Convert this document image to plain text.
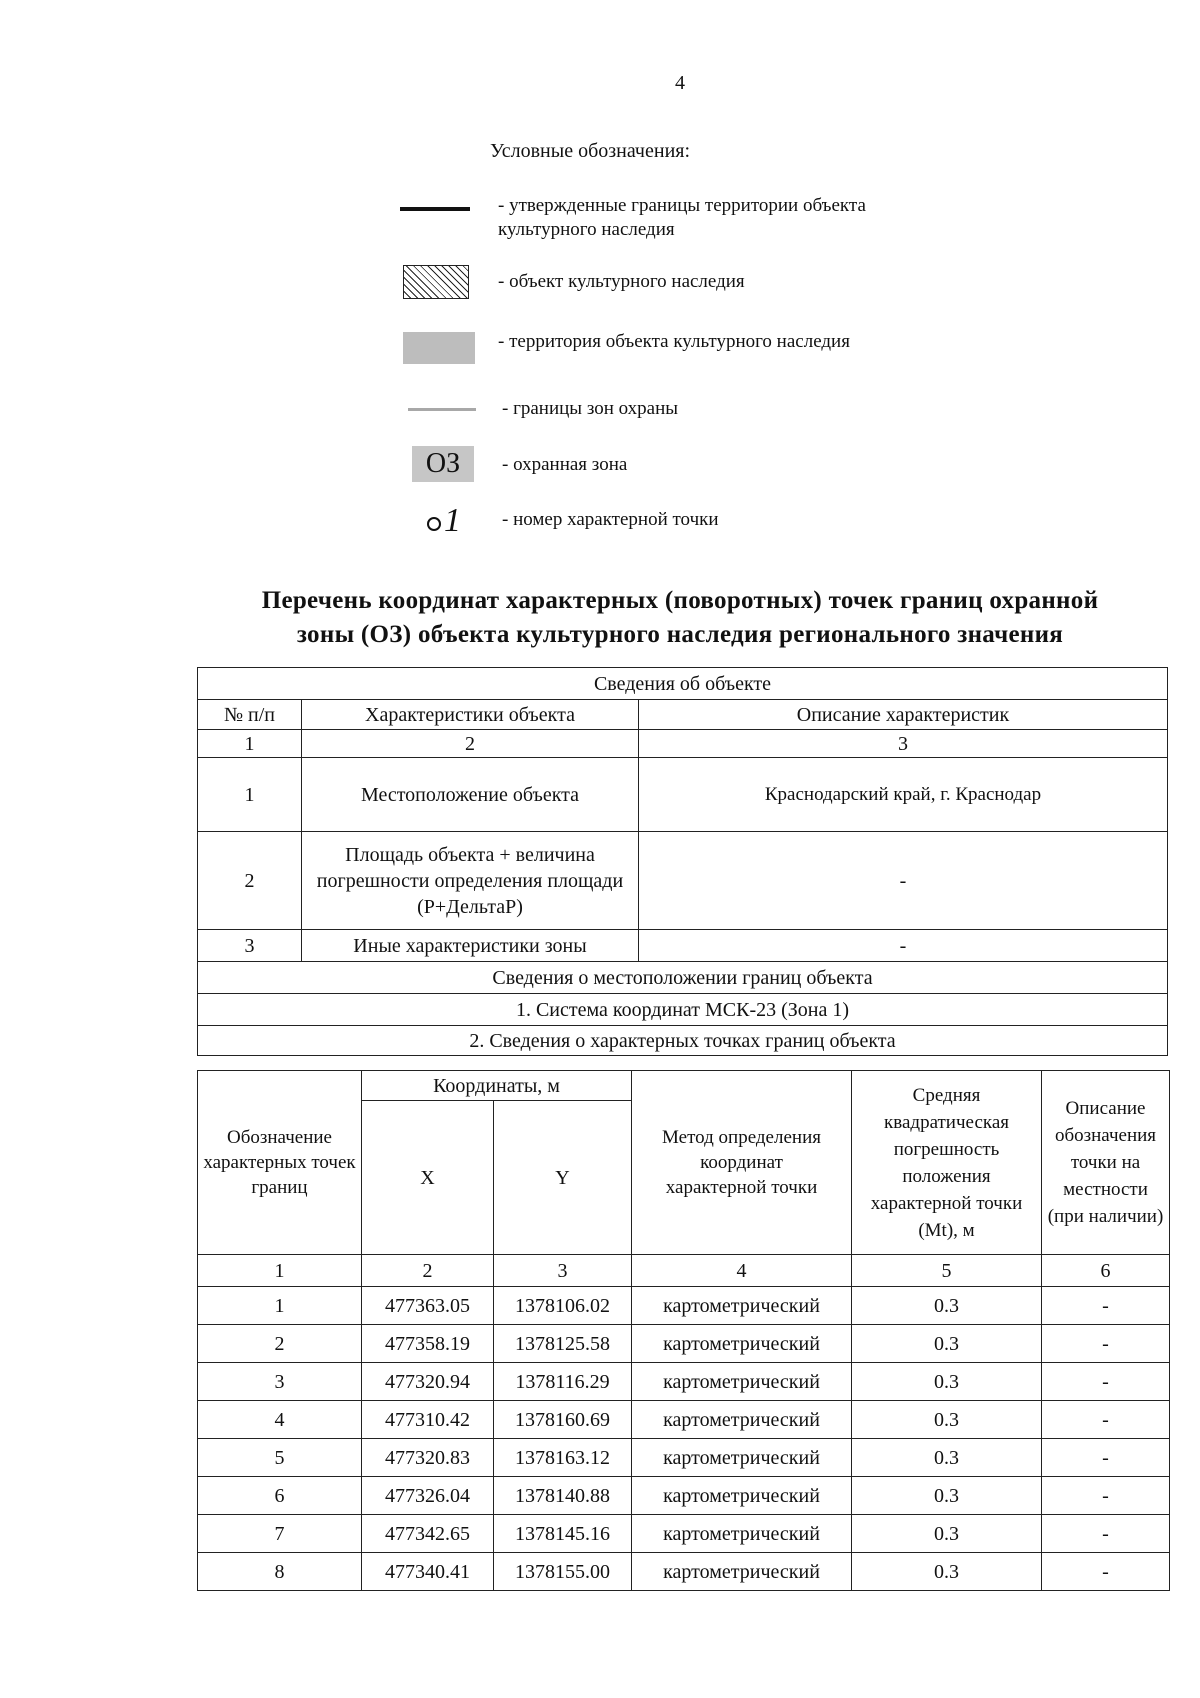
4
Условные обозначения:
- утвержденные границы территории объекта культурного наследия
- объект культурного наследия
- территория объекта культурного наследия
- границы зон охраны
ОЗ	- охранная зона
1 - номер характерной точки
Перечень координат характерных (поворотных) точек границ охранной
зоны (ОЗ) объекта культурного наследия регионального значения
Сведения об объекте		
№ п/п	Характеристики объекта	Описание характеристик
1	2	3
1	Местоположение объекта	Краснодарский край, г. Краснодар
2	Площадь объекта + величина погрешности определения площади (P+ДельтаP)	-
3	Иные характеристики зоны	-
Сведения о местоположении границ объекта		
1. Система координат МСК-23 (Зона 1)		
2. Сведения о характерных точках границ объекта		
Обозначение характерных точек границ	Координаты, м		Метод определения координат характерной точки	Средняя квадратическая погрешность положения характерной точки (Mt), м	Описание обозначения точки на местности (при наличии)
	X	Y			
1	2	3	4	5	6
1	477363.05	1378106.02	картометрический	0.3	-
2	477358.19	1378125.58	картометрический	0.3	-
3	477320.94	1378116.29	картометрический	0.3	-
4	477310.42	1378160.69	картометрический	0.3	-
5	477320.83	1378163.12	картометрический	0.3	-
6	477326.04	1378140.88	картометрический	0.3	-
7	477342.65	1378145.16	картометрический	0.3	-
8	477340.41	1378155.00	картометрический	0.3	-
